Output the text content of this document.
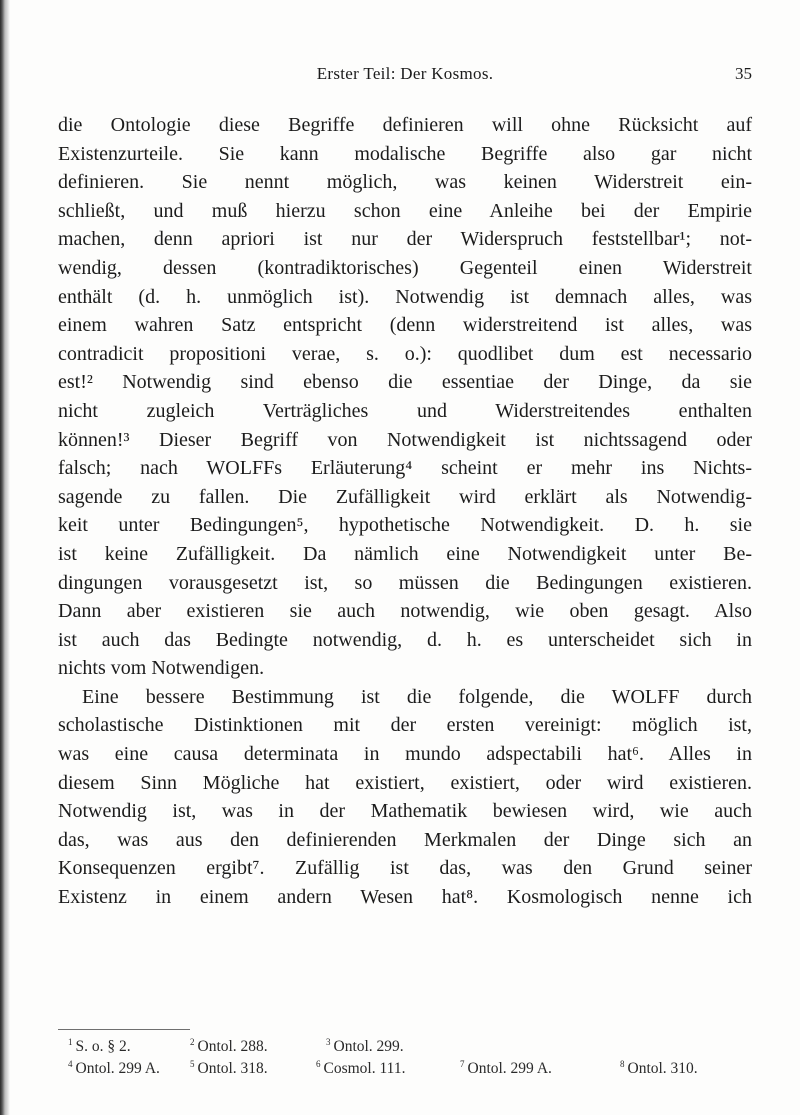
Erster Teil: Der Kosmos.	35
die Ontologie diese Begriffe definieren will ohne Rücksicht auf
Existenzurteile. Sie kann modalische Begriffe also gar nicht
definieren. Sie nennt möglich, was keinen Widerstreit ein-
schließt, und muß hierzu schon eine Anleihe bei der Empirie
machen, denn apriori ist nur der Widerspruch feststellbar¹; not-
wendig, dessen (kontradiktorisches) Gegenteil einen Widerstreit
enthält (d. h. unmöglich ist). Notwendig ist demnach alles, was
einem wahren Satz entspricht (denn widerstreitend ist alles, was
contradicit propositioni verae, s. o.): quodlibet dum est necessario
est!² Notwendig sind ebenso die essentiae der Dinge, da sie
nicht zugleich Verträgliches und Widerstreitendes enthalten
können!³ Dieser Begriff von Notwendigkeit ist nichtssagend oder
falsch; nach WOLFFs Erläuterung⁴ scheint er mehr ins Nichts-
sagende zu fallen. Die Zufälligkeit wird erklärt als Notwendig-
keit unter Bedingungen⁵, hypothetische Notwendigkeit. D. h. sie
ist keine Zufälligkeit. Da nämlich eine Notwendigkeit unter Be-
dingungen vorausgesetzt ist, so müssen die Bedingungen existieren.
Dann aber existieren sie auch notwendig, wie oben gesagt. Also
ist auch das Bedingte notwendig, d. h. es unterscheidet sich in
nichts vom Notwendigen.
Eine bessere Bestimmung ist die folgende, die WOLFF durch
scholastische Distinktionen mit der ersten vereinigt: möglich ist,
was eine causa determinata in mundo adspectabili hat⁶. Alles in
diesem Sinn Mögliche hat existiert, existiert, oder wird existieren.
Notwendig ist, was in der Mathematik bewiesen wird, wie auch
das, was aus den definierenden Merkmalen der Dinge sich an
Konsequenzen ergibt⁷. Zufällig ist das, was den Grund seiner
Existenz in einem andern Wesen hat⁸. Kosmologisch nenne ich
$^1$ S. o. § 2.	$^2$ Ontol. 288.	$^3$ Ontol. 299.
$^4$ Ontol. 299 A.	$^5$ Ontol. 318.	$^6$ Cosmol. 111.	$^7$ Ontol. 299 A.	$^8$ Ontol. 310.
